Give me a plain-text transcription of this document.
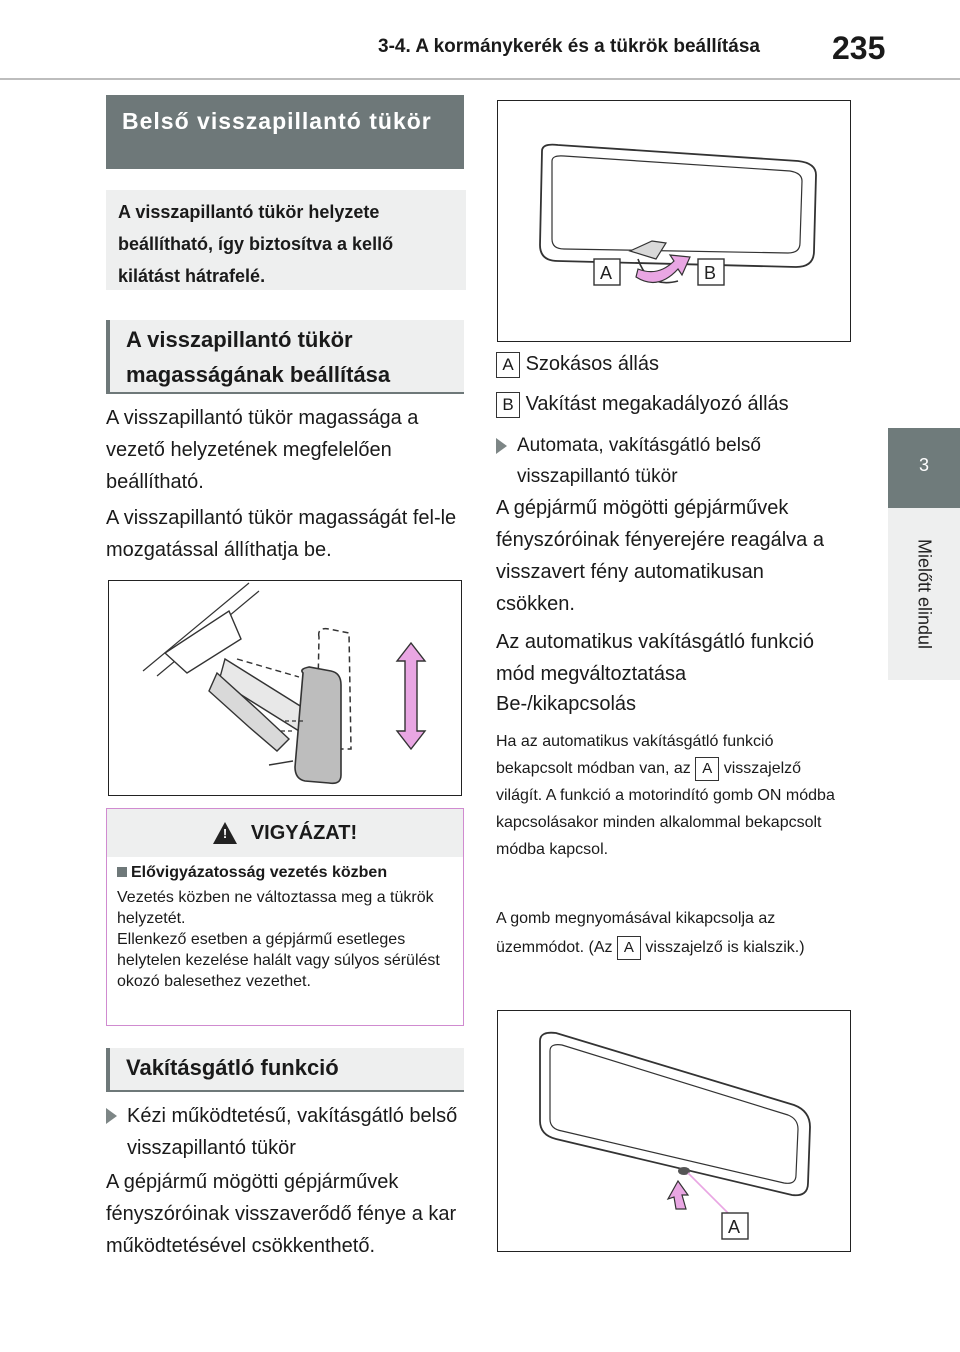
3-4. A kormánykerék és a tükrök beállítása 235
3
Mielőtt elindul
Belső visszapillantó tükör
A visszapillantó tükör helyzete beállítható, így biztosítva a kellő kilátást hátrafelé.
A visszapillantó tükör magasságának beállítása
A visszapillantó tükör magassága a vezető helyzetének megfelelően beállítható.
A visszapillantó tükör magasságát fel-le mozgatással állíthatja be.
! VIGYÁZAT!
Elővigyázatosság vezetés közben
Vezetés közben ne változtassa meg a tükrök helyzetét.
Ellenkező esetben a gépjármű esetleges helytelen kezelése halált vagy súlyos sérülést okozó balesethez vezethet.
Vakításgátló funkció
Kézi működtetésű, vakításgátló belső visszapillantó tükör
A gépjármű mögötti gépjárművek fényszóróinak visszaverődő fénye a kar működtetésével csökkenthető.
A	B
A Szokásos állás
B Vakítást megakadályozó állás
Automata, vakításgátló belső visszapillantó tükör
A gépjármű mögötti gépjárművek fényszóróinak fényerejére reagálva a visszavert fény automatikusan csökken.
Az automatikus vakításgátló funkció mód megváltoztatása
Be-/kikapcsolás
Ha az automatikus vakításgátló funkció bekapcsolt módban van, az A visszajelző világít. A funkció a motorindító gomb ON módba kapcsolásakor minden alkalommal bekapcsolt módba kapcsol.
A gomb megnyomásával kikapcsolja az üzemmódot. (Az A visszajelző is kialszik.)
A
